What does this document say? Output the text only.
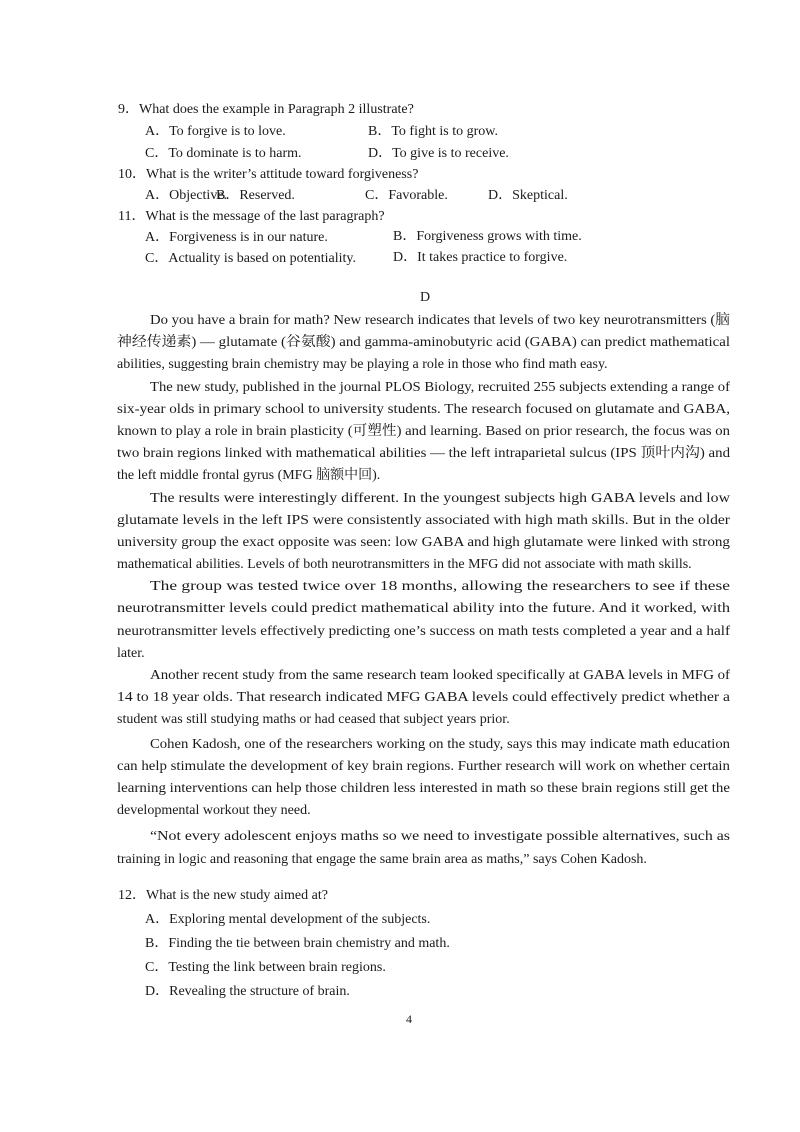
9．What does the example in Paragraph 2 illustrate?
A．To forgive is to love.	B．To fight is to grow.
C．To dominate is to harm.	D．To give is to receive.
10．What is the writer’s attitude toward forgiveness?
A．Objective.
B．Reserved.	C．Favorable.	D．Skeptical.
11．What is the message of the last paragraph?
A．Forgiveness is in our nature.	B．Forgiveness grows with time.
C．Actuality is based on potentiality.	D．It takes practice to forgive.
D
Do you have a brain for math? New research indicates that levels of two key neurotransmitters (脑
神经传递素) — glutamate (谷氨酸) and gamma-aminobutyric acid (GABA) can predict mathematical
abilities, suggesting brain chemistry may be playing a role in those who find math easy.
The new study, published in the journal PLOS Biology, recruited 255 subjects extending a range of
six-year olds in primary school to university students. The research focused on glutamate and GABA,
known to play a role in brain plasticity (可塑性) and learning. Based on prior research, the focus was on
two brain regions linked with mathematical abilities — the left intraparietal sulcus (IPS 顶叶内沟) and
the left middle frontal gyrus (MFG 脑额中回).
The results were interestingly different. In the youngest subjects high GABA levels and low
glutamate levels in the left IPS were consistently associated with high math skills. But in the older
university group the exact opposite was seen: low GABA and high glutamate were linked with strong
mathematical abilities. Levels of both neurotransmitters in the MFG did not associate with math skills.
The group was tested twice over 18 months, allowing the researchers to see if these
neurotransmitter levels could predict mathematical ability into the future. And it worked, with
neurotransmitter levels effectively predicting one’s success on math tests completed a year and a half
later.
Another recent study from the same research team looked specifically at GABA levels in MFG of
14 to 18 year olds. That research indicated MFG GABA levels could effectively predict whether a
student was still studying maths or had ceased that subject years prior.
Cohen Kadosh, one of the researchers working on the study, says this may indicate math education
can help stimulate the development of key brain regions. Further research will work on whether certain
learning interventions can help those children less interested in math so these brain regions still get the
developmental workout they need.
“Not every adolescent enjoys maths so we need to investigate possible alternatives, such as
training in logic and reasoning that engage the same brain area as maths,” says Cohen Kadosh.
12．What is the new study aimed at?
A．Exploring mental development of the subjects.
B．Finding the tie between brain chemistry and math.
C．Testing the link between brain regions.
D．Revealing the structure of brain.
4
